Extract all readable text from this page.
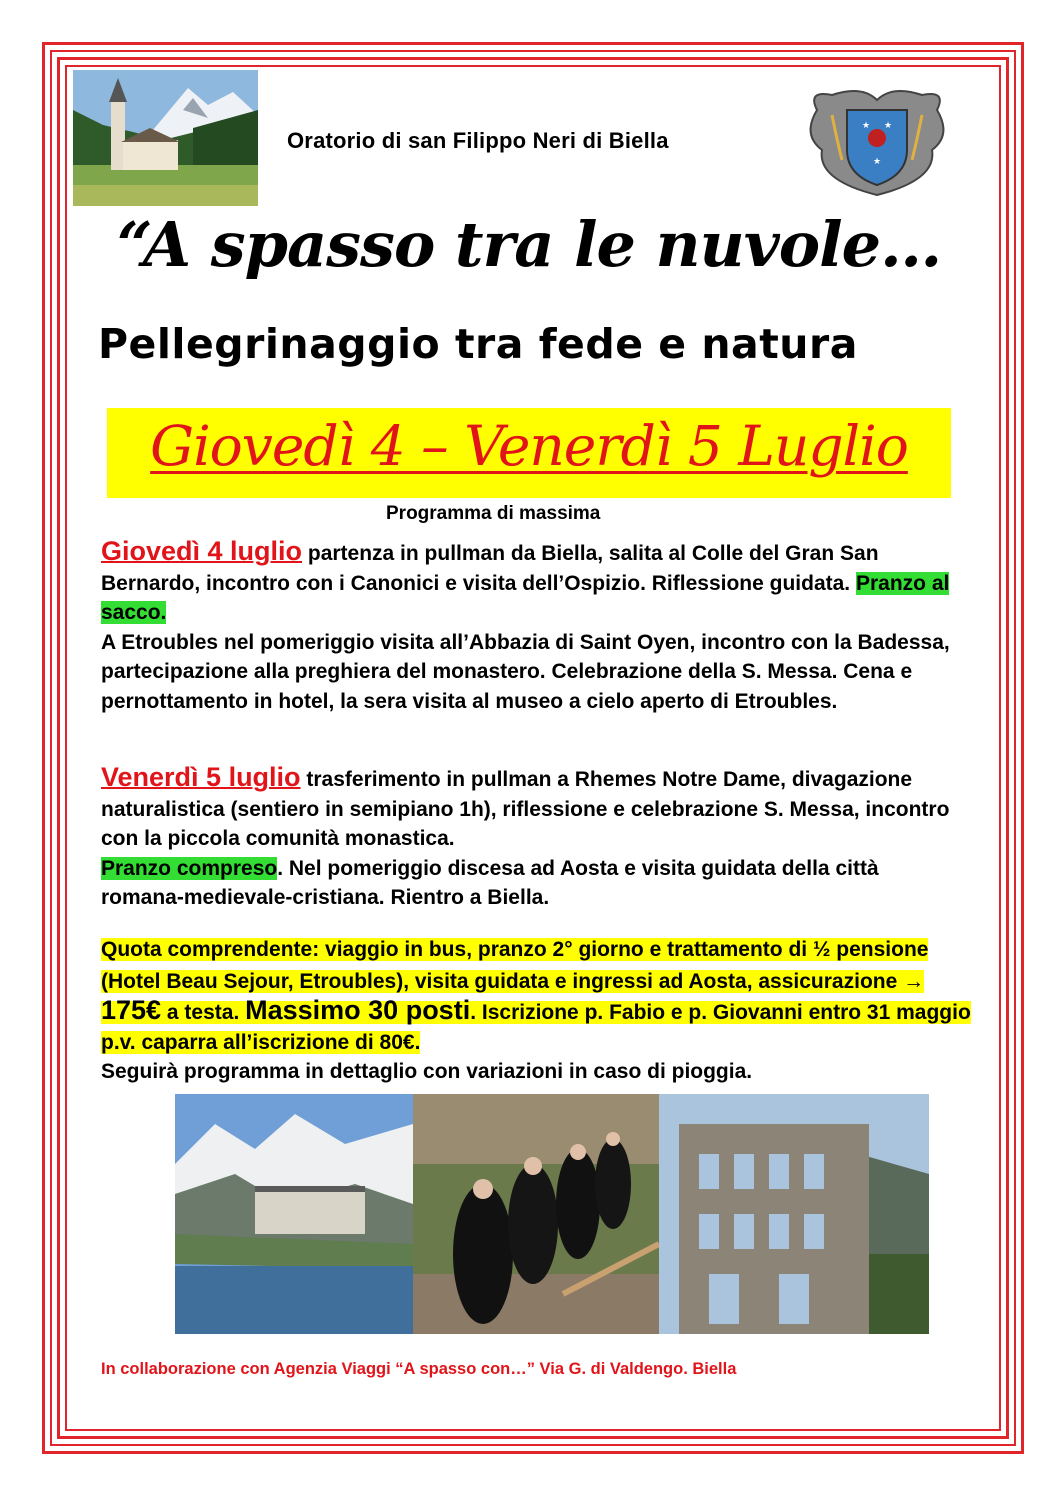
Oratorio di san Filippo Neri di Biella
★ ★
★
“A spasso tra le nuvole…
Pellegrinaggio tra fede e natura
Giovedì 4 – Venerdì 5 Luglio
Programma di massima
Giovedì 4 luglio partenza in pullman da Biella, salita al Colle del Gran San Bernardo, incontro con i Canonici e visita dell’Ospizio. Riflessione guidata. Pranzo al sacco.
A Etroubles nel pomeriggio visita all’Abbazia di Saint Oyen, incontro con la Badessa, partecipazione alla preghiera del monastero. Celebrazione della S. Messa. Cena e pernottamento in hotel, la sera visita al museo a cielo aperto di Etroubles.
Venerdì 5 luglio trasferimento in pullman a Rhemes Notre Dame, divagazione naturalistica (sentiero in semipiano 1h), riflessione e celebrazione S. Messa, incontro con la piccola comunità monastica.
Pranzo compreso. Nel pomeriggio discesa ad Aosta e visita guidata della città romana-medievale-cristiana. Rientro a Biella.
Quota comprendente: viaggio in bus, pranzo 2° giorno e trattamento di ½ pensione (Hotel Beau Sejour, Etroubles), visita guidata e ingressi ad Aosta, assicurazione → 175€ a testa. Massimo 30 posti. Iscrizione p. Fabio e p. Giovanni entro 31 maggio p.v. caparra all’iscrizione di 80€.
Seguirà programma in dettaglio con variazioni in caso di pioggia.
In collaborazione con Agenzia Viaggi “A spasso con…” Via G. di Valdengo. Biella
